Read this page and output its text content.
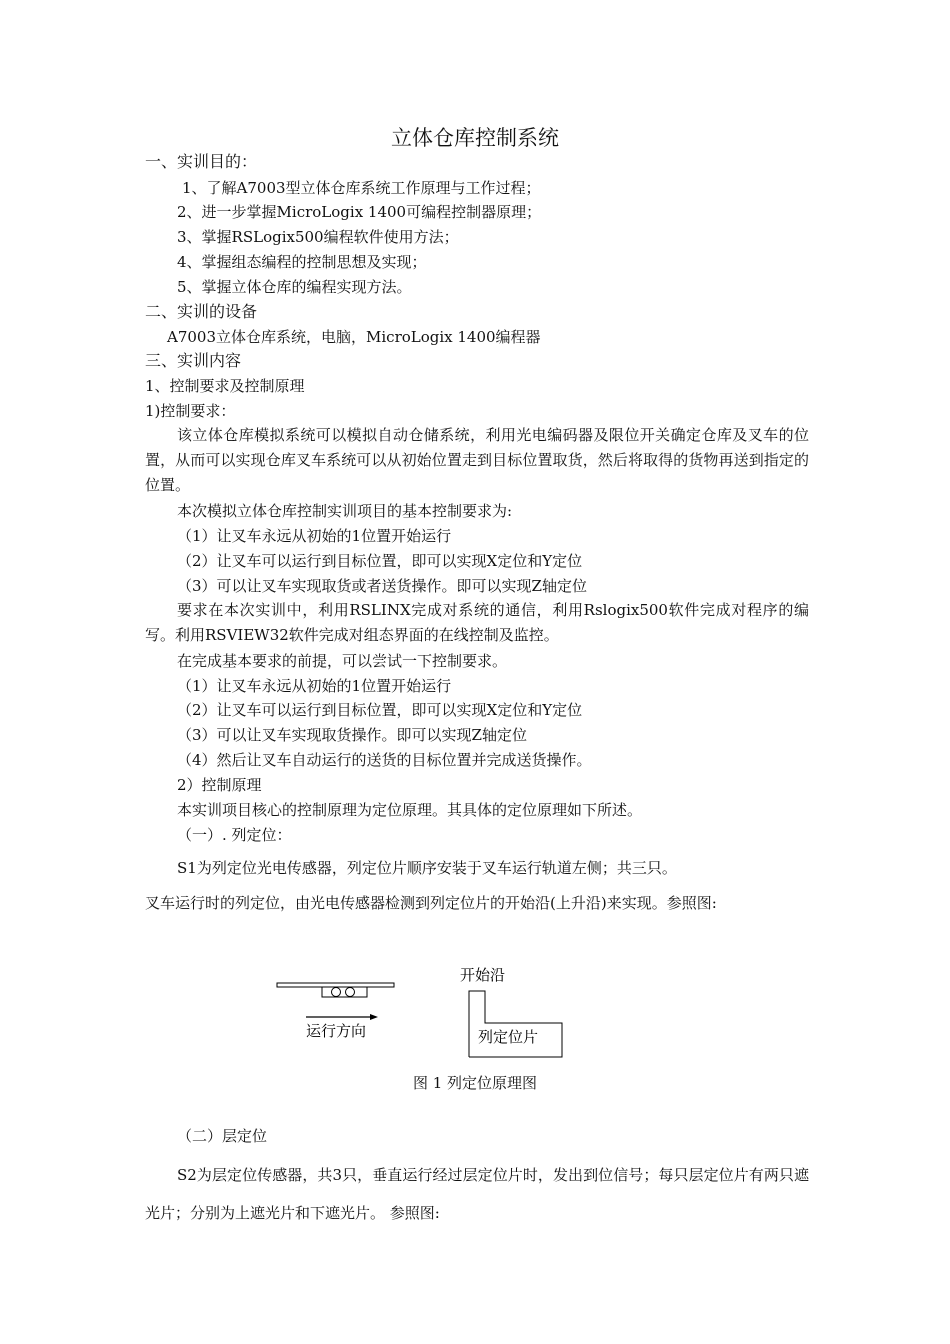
立体仓库控制系统
一、实训目的：
1、了解A7003型立体仓库系统工作原理与工作过程；
2、进一步掌握MicroLogix 1400可编程控制器原理；
3、掌握RSLogix500编程软件使用方法；
4、掌握组态编程的控制思想及实现；
5、掌握立体仓库的编程实现方法。
二、实训的设备
A7003立体仓库系统，电脑，MicroLogix 1400编程器
三、实训内容
1、控制要求及控制原理
1)控制要求：
该立体仓库模拟系统可以模拟自动仓储系统，利用光电编码器及限位开关确定仓库及叉车的位置，从而可以实现仓库叉车系统可以从初始位置走到目标位置取货，然后将取得的货物再送到指定的位置。
本次模拟立体仓库控制实训项目的基本控制要求为:
（1）让叉车永远从初始的1位置开始运行
（2）让叉车可以运行到目标位置，即可以实现X定位和Y定位
（3）可以让叉车实现取货或者送货操作。即可以实现Z轴定位
要求在本次实训中，利用RSLINX完成对系统的通信，利用Rslogix500软件完成对程序的编写。利用RSVIEW32软件完成对组态界面的在线控制及监控。
在完成基本要求的前提，可以尝试一下控制要求。
（1）让叉车永远从初始的1位置开始运行
（2）让叉车可以运行到目标位置，即可以实现X定位和Y定位
（3）可以让叉车实现取货操作。即可以实现Z轴定位
（4）然后让叉车自动运行的送货的目标位置并完成送货操作。
2）控制原理
本实训项目核心的控制原理为定位原理。其具体的定位原理如下所述。
（一）. 列定位：
S1为列定位光电传感器，列定位片顺序安装于叉车运行轨道左侧；共三只。
叉车运行时的列定位，由光电传感器检测到列定位片的开始沿(上升沿)来实现。参照图:
运行方向
开始沿
列定位片
图 1 列定位原理图
（二）层定位
S2为层定位传感器，共3只，垂直运行经过层定位片时，发出到位信号；每只层定位片有两只遮光片；分别为上遮光片和下遮光片。 参照图:
